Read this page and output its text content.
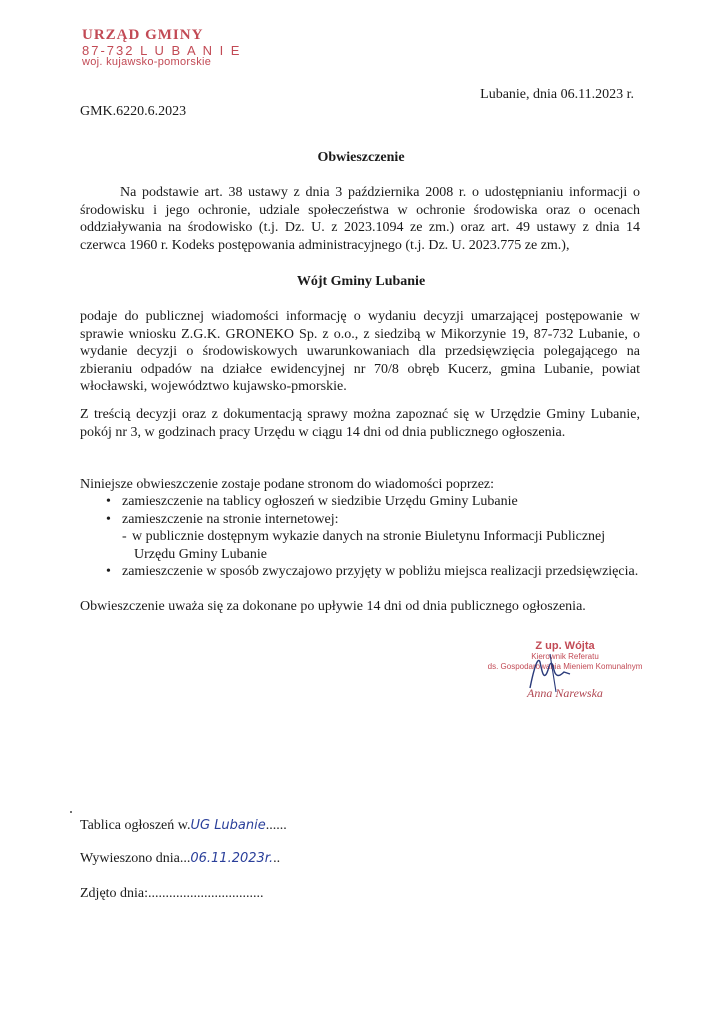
URZĄD GMINY
87-732 L U B A N I E
woj. kujawsko-pomorskie
Lubanie, dnia 06.11.2023 r.
GMK.6220.6.2023
Obwieszczenie

Na podstawie art. 38 ustawy z dnia 3 października 2008 r. o udostępnianiu informacji o środowisku i jego ochronie, udziale społeczeństwa w ochronie środowiska oraz o ocenach oddziaływania na środowisko (t.j. Dz. U. z 2023.1094 ze zm.) oraz art. 49 ustawy z dnia 14 czerwca 1960 r. Kodeks postępowania administracyjnego (t.j. Dz. U. 2023.775 ze zm.),

Wójt Gminy Lubanie

podaje do publicznej wiadomości informację o wydaniu decyzji umarzającej postępowanie w sprawie wniosku Z.G.K. GRONEKO Sp. z o.o., z siedzibą w Mikorzynie 19, 87-732 Lubanie, o wydanie decyzji o środowiskowych uwarunkowaniach dla przedsięwzięcia polegającego na zbieraniu odpadów na działce ewidencyjnej nr 70/8 obręb Kucerz, gmina Lubanie, powiat włocławski, województwo kujawsko-pmorskie.

Z treścią decyzji oraz z dokumentacją sprawy można zapoznać się w Urzędzie Gminy Lubanie, pokój nr 3, w godzinach pracy Urzędu w ciągu 14 dni od dnia publicznego ogłoszenia.

Niniejsze obwieszczenie zostaje podane stronom do wiadomości poprzez:

• zamieszczenie na tablicy ogłoszeń w siedzibie Urzędu Gminy Lubanie
• zamieszczenie na stronie internetowej:
- w publicznie dostępnym wykazie danych na stronie Biuletynu Informacji Publicznej
Urzędu Gminy Lubanie
• zamieszczenie w sposób zwyczajowo przyjęty w pobliżu miejsca realizacji przedsięwzięcia.

Obwieszczenie uważa się za dokonane po upływie 14 dni od dnia publicznego ogłoszenia.

Z up. Wójta
Kierownik Referatu
ds. Gospodarowania Mieniem Komunalnym
Anna Narewska
Tablica ogłoszeń w.UG Lubanie......
Wywieszono dnia...06.11.2023r...
Zdjęto dnia:.................................
